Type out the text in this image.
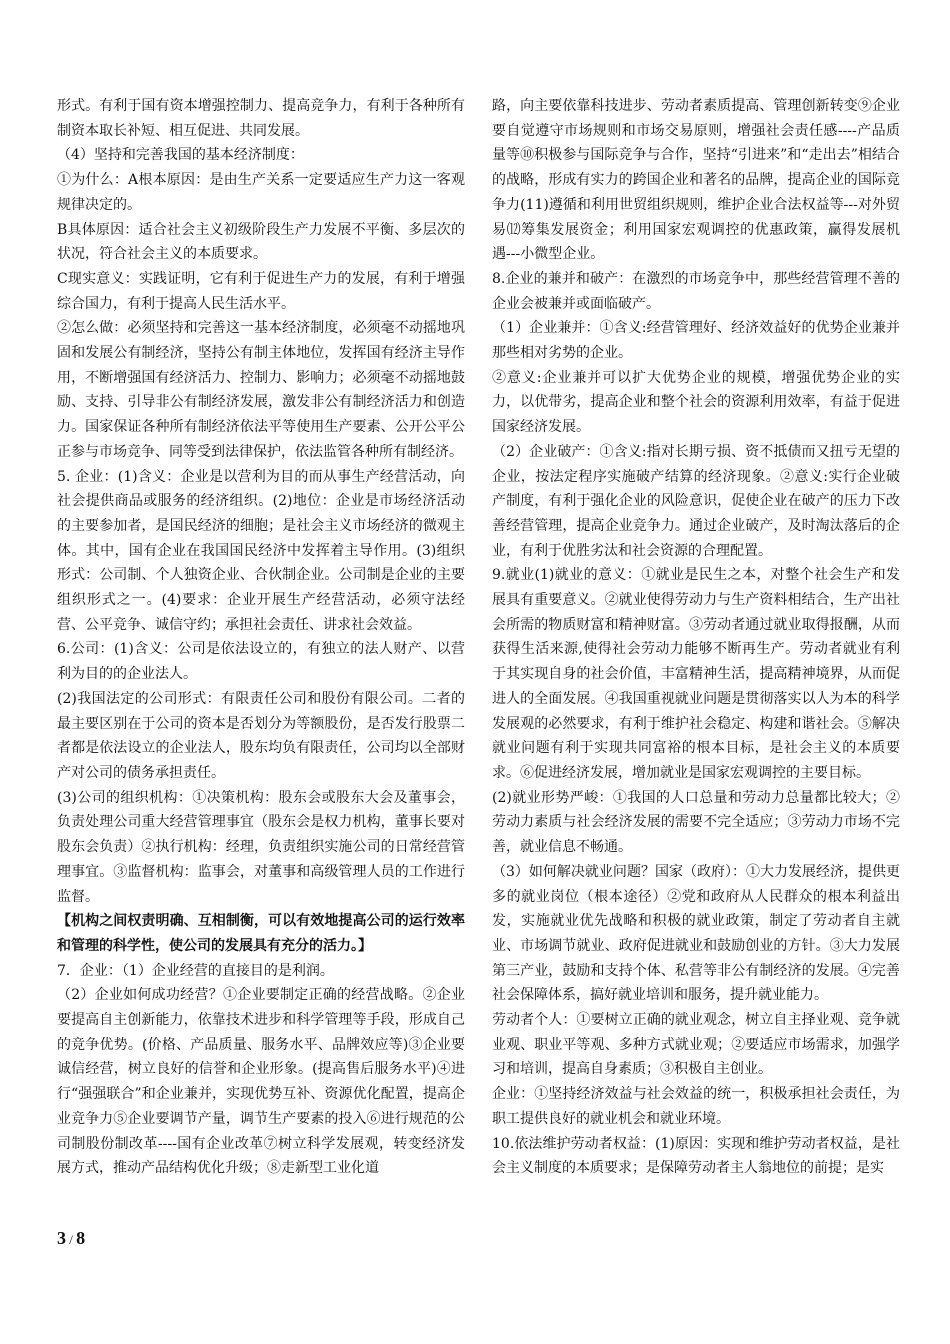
形式。有利于国有资本增强控制力、提高竞争力，有利于各种所有制资本取长补短、相互促进、共同发展。

（4）坚持和完善我国的基本经济制度：

①为什么：A根本原因：是由生产关系一定要适应生产力这一客观规律决定的。

B具体原因：适合社会主义初级阶段生产力发展不平衡、多层次的状况，符合社会主义的本质要求。

C现实意义：实践证明，它有利于促进生产力的发展，有利于增强综合国力，有利于提高人民生活水平。

②怎么做：必须坚持和完善这一基本经济制度，必须毫不动摇地巩固和发展公有制经济，坚持公有制主体地位，发挥国有经济主导作用，不断增强国有经济活力、控制力、影响力；必须毫不动摇地鼓励、支持、引导非公有制经济发展，激发非公有制经济活力和创造力。国家保证各种所有制经济依法平等使用生产要素、公开公平公正参与市场竞争、同等受到法律保护，依法监管各种所有制经济。

5. 企业：(1)含义：企业是以营利为目的而从事生产经营活动，向社会提供商品或服务的经济组织。(2)地位：企业是市场经济活动的主要参加者，是国民经济的细胞；是社会主义市场经济的微观主体。其中，国有企业在我国国民经济中发挥着主导作用。(3)组织形式：公司制、个人独资企业、合伙制企业。公司制是企业的主要组织形式之一。(4)要求：企业开展生产经营活动，必须守法经营、公平竞争、诚信守约；承担社会责任、讲求社会效益。

6.公司：(1)含义：公司是依法设立的，有独立的法人财产、以营利为目的的企业法人。

(2)我国法定的公司形式：有限责任公司和股份有限公司。二者的最主要区别在于公司的资本是否划分为等额股份，是否发行股票二者都是依法设立的企业法人，股东均负有限责任，公司均以全部财产对公司的债务承担责任。

(3)公司的组织机构：①决策机构：股东会或股东大会及董事会，负责处理公司重大经营管理事宜（股东会是权力机构，董事长要对股东会负责）②执行机构：经理，负责组织实施公司的日常经营管理事宜。③监督机构：监事会，对董事和高级管理人员的工作进行监督。

【机构之间权责明确、互相制衡，可以有效地提高公司的运行效率和管理的科学性，使公司的发展具有充分的活力。】

7．企业：（1）企业经营的直接目的是利润。

（2）企业如何成功经营？①企业要制定正确的经营战略。②企业要提高自主创新能力，依靠技术进步和科学管理等手段，形成自己的竞争优势。(价格、产品质量、服务水平、品牌效应等)③企业要诚信经营，树立良好的信誉和企业形象。(提高售后服务水平)④进行“强强联合”和企业兼并，实现优势互补、资源优化配置，提高企业竞争力⑤企业要调节产量，调节生产要素的投入⑥进行规范的公司制股份制改革----国有企业改革⑦树立科学发展观，转变经济发展方式，推动产品结构优化升级；⑧走新型工业化道

路，向主要依靠科技进步、劳动者素质提高、管理创新转变⑨企业要自觉遵守市场规则和市场交易原则，增强社会责任感----产品质量等⑩积极参与国际竞争与合作，坚持“引进来”和“走出去”相结合的战略，形成有实力的跨国企业和著名的品牌，提高企业的国际竞争力(11)遵循和利用世贸组织规则，维护企业合法权益等---对外贸易⑿筹集发展资金；利用国家宏观调控的优惠政策，赢得发展机遇---小微型企业。

8.企业的兼并和破产：在激烈的市场竞争中，那些经营管理不善的企业会被兼并或面临破产。

（1）企业兼并：①含义:经营管理好、经济效益好的优势企业兼并那些相对劣势的企业。

②意义:企业兼并可以扩大优势企业的规模，增强优势企业的实力，以优带劣，提高企业和整个社会的资源利用效率，有益于促进国家经济发展。

（2）企业破产：①含义:指对长期亏损、资不抵债而又扭亏无望的企业，按法定程序实施破产结算的经济现象。②意义:实行企业破产制度，有利于强化企业的风险意识，促使企业在破产的压力下改善经营管理，提高企业竞争力。通过企业破产，及时淘汰落后的企业，有利于优胜劣汰和社会资源的合理配置。

9.就业(1)就业的意义：①就业是民生之本，对整个社会生产和发展具有重要意义。②就业使得劳动力与生产资料相结合，生产出社会所需的物质财富和精神财富。③劳动者通过就业取得报酬，从而获得生活来源,使得社会劳动力能够不断再生产。劳动者就业有利于其实现自身的社会价值，丰富精神生活，提高精神境界，从而促进人的全面发展。④我国重视就业问题是贯彻落实以人为本的科学发展观的必然要求，有利于维护社会稳定、构建和谐社会。⑤解决就业问题有利于实现共同富裕的根本目标，是社会主义的本质要求。⑥促进经济发展，增加就业是国家宏观调控的主要目标。

(2)就业形势严峻：①我国的人口总量和劳动力总量都比较大；②劳动力素质与社会经济发展的需要不完全适应；③劳动力市场不完善，就业信息不畅通。

（3）如何解决就业问题？国家（政府）：①大力发展经济，提供更多的就业岗位（根本途径）②党和政府从人民群众的根本利益出发，实施就业优先战略和积极的就业政策，制定了劳动者自主就业、市场调节就业、政府促进就业和鼓励创业的方针。③大力发展第三产业，鼓励和支持个体、私营等非公有制经济的发展。④完善社会保障体系，搞好就业培训和服务，提升就业能力。

劳动者个人：①要树立正确的就业观念，树立自主择业观、竞争就业观、职业平等观、多种方式就业观；②要适应市场需求，加强学习和培训，提高自身素质；③积极自主创业。

企业：①坚持经济效益与社会效益的统一，积极承担社会责任，为职工提供良好的就业机会和就业环境。

10.依法维护劳动者权益：(1)原因：实现和维护劳动者权益，是社会主义制度的本质要求；是保障劳动者主人翁地位的前提；是实

3 / 8
